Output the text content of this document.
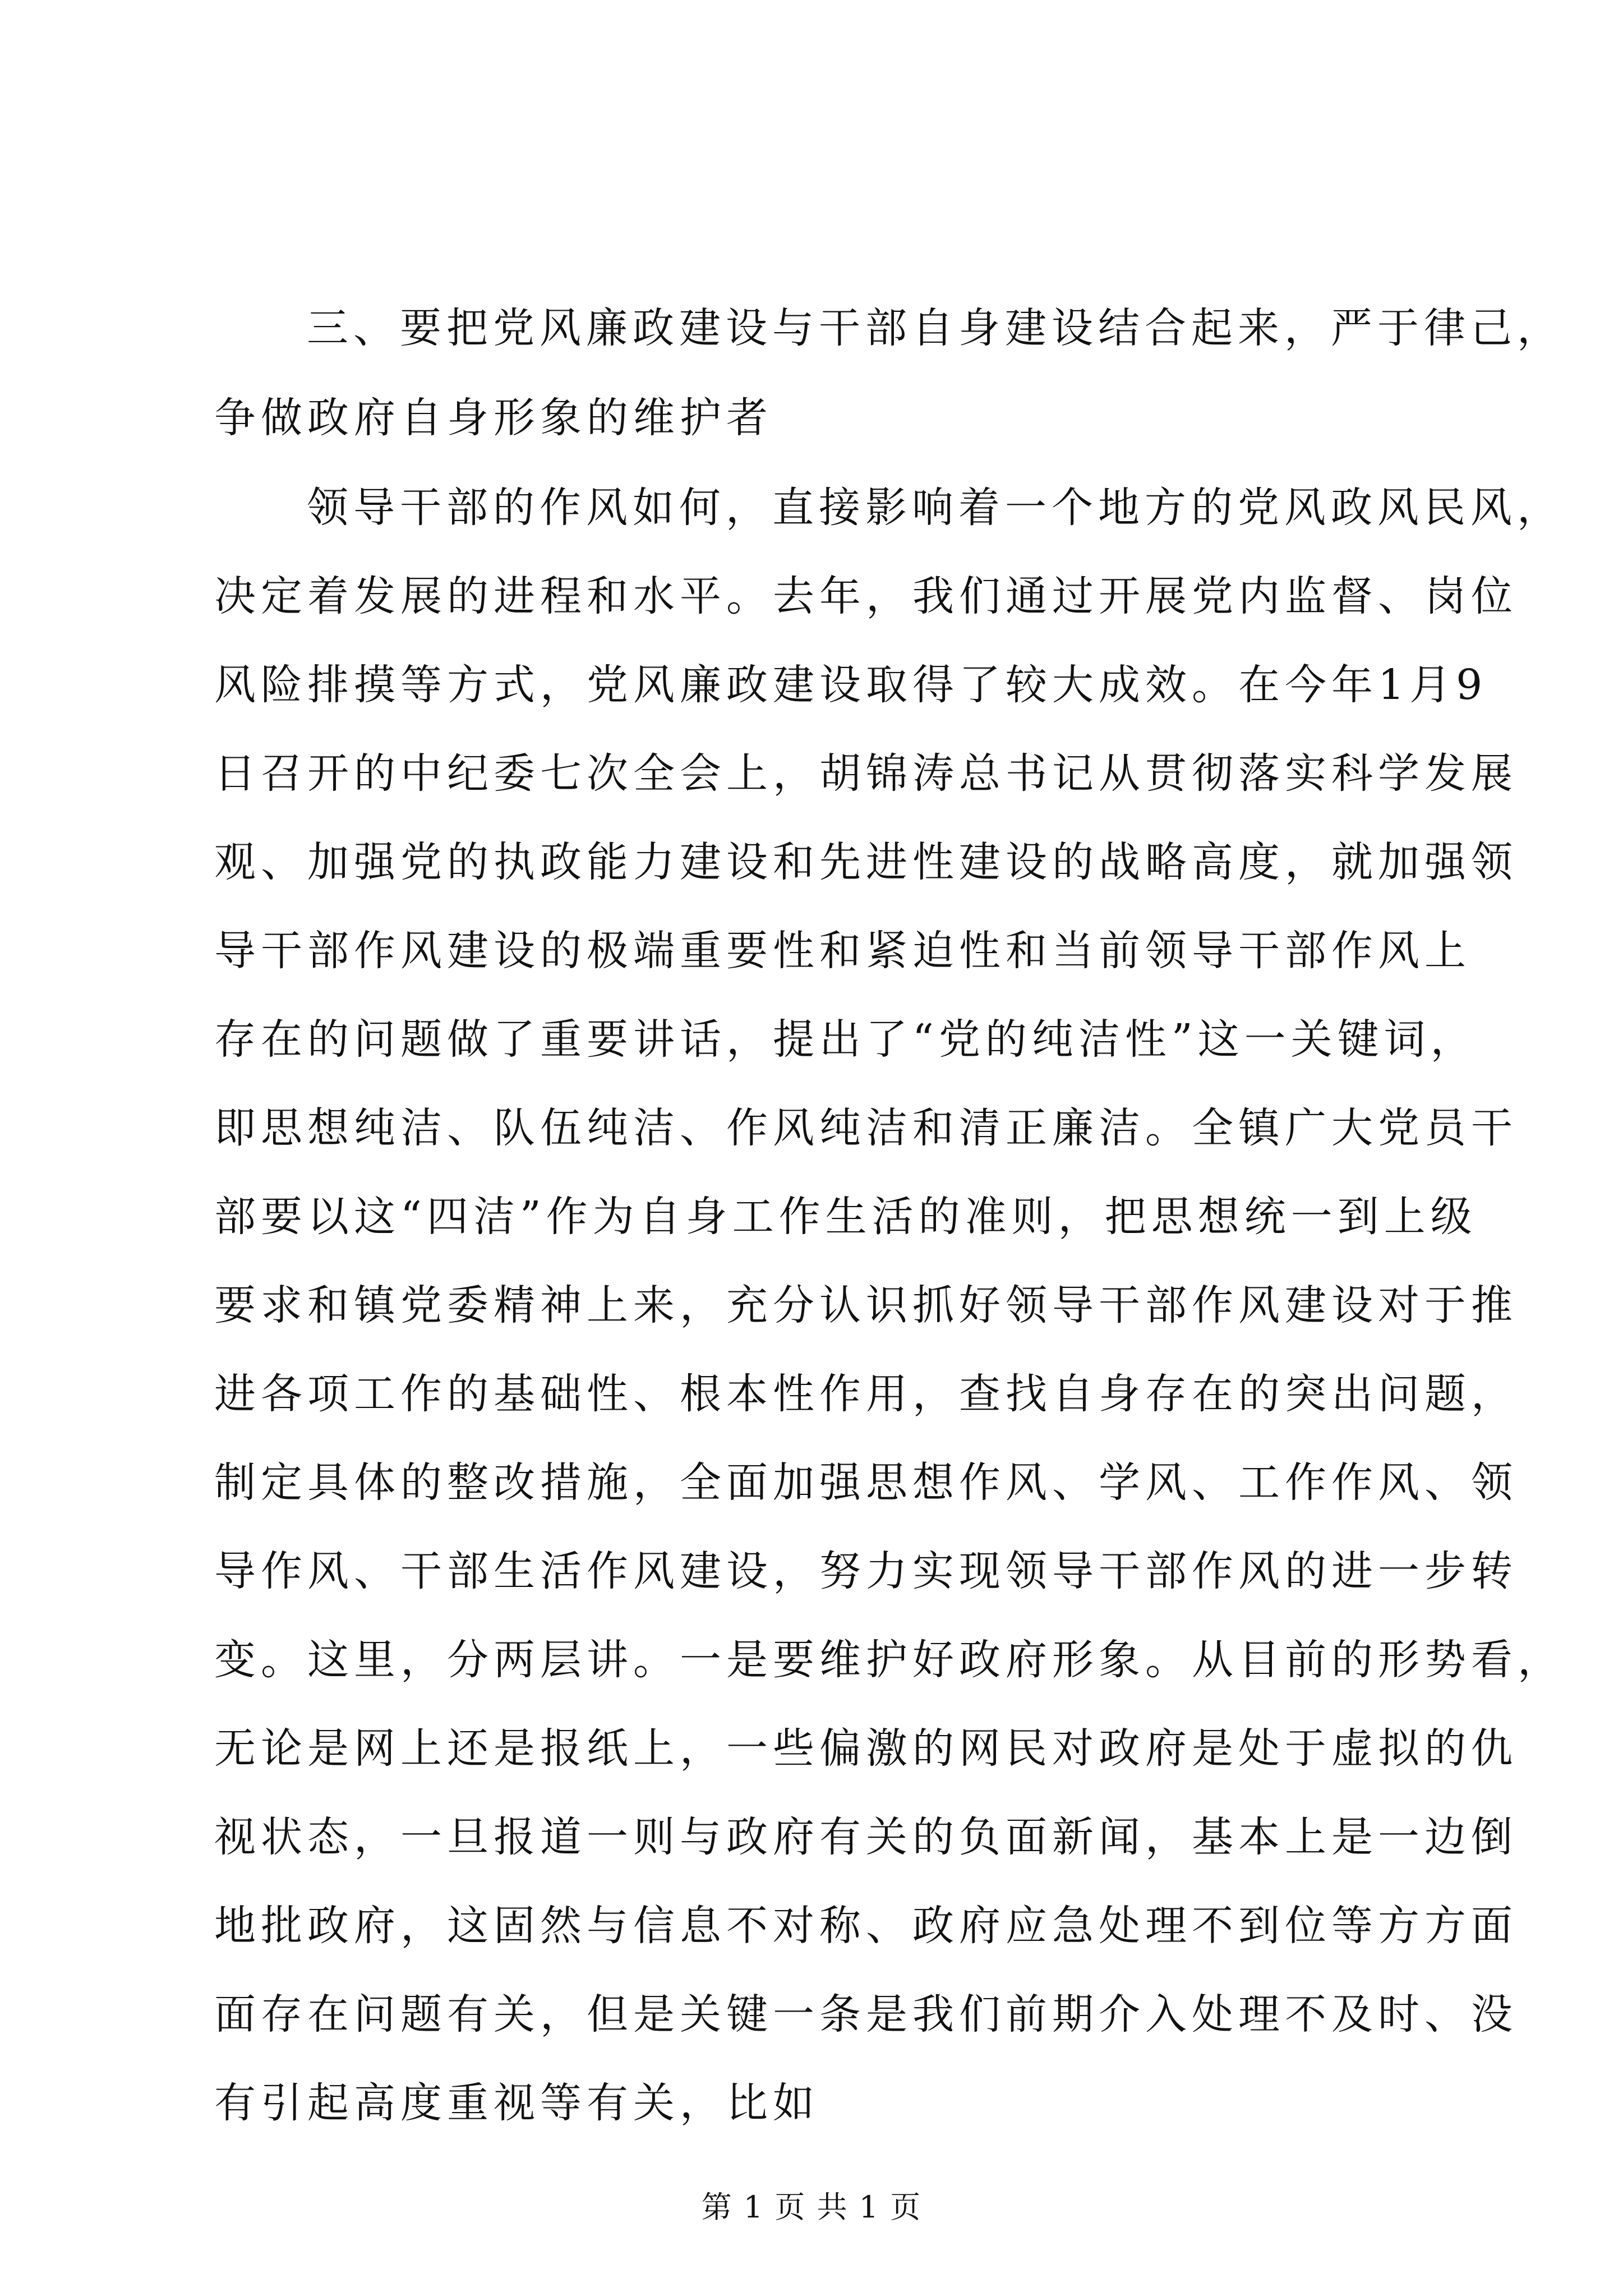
三、要把党风廉政建设与干部自身建设结合起来，严于律己，
争做政府自身形象的维护者
领导干部的作风如何，直接影响着一个地方的党风政风民风，
决定着发展的进程和水平。去年，我们通过开展党内监督、岗位
风险排摸等方式，党风廉政建设取得了较大成效。在今年1月9
日召开的中纪委七次全会上，胡锦涛总书记从贯彻落实科学发展
观、加强党的执政能力建设和先进性建设的战略高度，就加强领
导干部作风建设的极端重要性和紧迫性和当前领导干部作风上
存在的问题做了重要讲话，提出了“党的纯洁性”这一关键词，
即思想纯洁、队伍纯洁、作风纯洁和清正廉洁。全镇广大党员干
部要以这“四洁”作为自身工作生活的准则，把思想统一到上级
要求和镇党委精神上来，充分认识抓好领导干部作风建设对于推
进各项工作的基础性、根本性作用，查找自身存在的突出问题，
制定具体的整改措施，全面加强思想作风、学风、工作作风、领
导作风、干部生活作风建设，努力实现领导干部作风的进一步转
变。这里，分两层讲。一是要维护好政府形象。从目前的形势看，
无论是网上还是报纸上，一些偏激的网民对政府是处于虚拟的仇
视状态，一旦报道一则与政府有关的负面新闻，基本上是一边倒
地批政府，这固然与信息不对称、政府应急处理不到位等方方面
面存在问题有关，但是关键一条是我们前期介入处理不及时、没
有引起高度重视等有关，比如
第 1 页 共 1 页
